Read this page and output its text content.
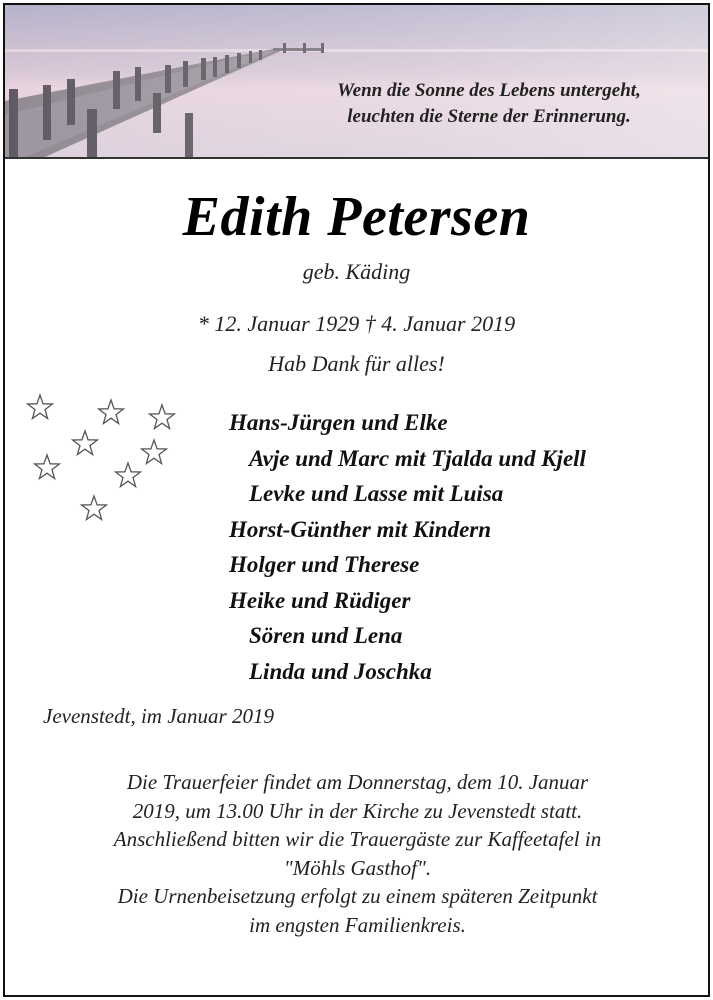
Wenn die Sonne des Lebens untergeht,
leuchten die Sterne der Erinnerung.
Edith Petersen
geb. Käding
* 12. Januar 1929 † 4. Januar 2019
Hab Dank für alles!
Hans-Jürgen und Elke
Avje und Marc mit Tjalda und Kjell
Levke und Lasse mit Luisa
Horst-Günther mit Kindern
Holger und Therese
Heike und Rüdiger
Sören und Lena
Linda und Joschka
Jevenstedt, im Januar 2019
Die Trauerfeier findet am Donnerstag, dem 10. Januar
2019, um 13.00 Uhr in der Kirche zu Jevenstedt statt.
Anschließend bitten wir die Trauergäste zur Kaffeetafel in
"Möhls Gasthof".
Die Urnenbeisetzung erfolgt zu einem späteren Zeitpunkt
im engsten Familienkreis.
